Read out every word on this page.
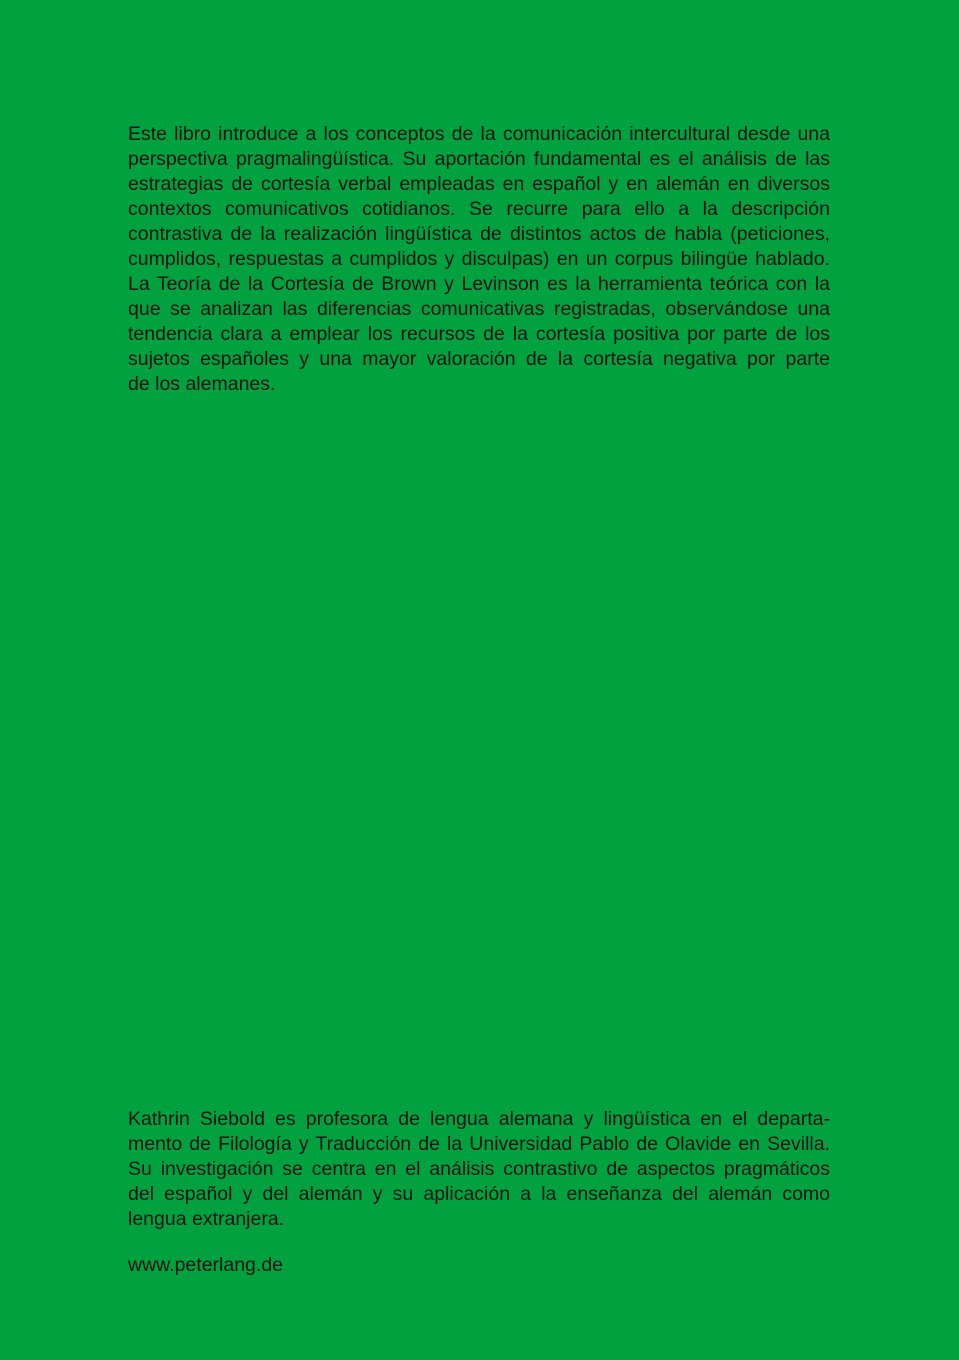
Este libro introduce a los conceptos de la comunicación intercultural desde una
perspectiva pragmalingüística. Su aportación fundamental es el análisis de las
estrategias de cortesía verbal empleadas en español y en alemán en diversos
contextos comunicativos cotidianos. Se recurre para ello a la descripción
contrastiva de la realización lingüística de distintos actos de habla (peticiones,
cumplidos, respuestas a cumplidos y disculpas) en un corpus bilingüe hablado.
La Teoría de la Cortesía de Brown y Levinson es la herramienta teórica con la
que se analizan las diferencias comunicativas registradas, observándose una
tendencia clara a emplear los recursos de la cortesía positiva por parte de los
sujetos españoles y una mayor valoración de la cortesía negativa por parte
de los alemanes.
Kathrin Siebold es profesora de lengua alemana y lingüística en el departa-
mento de Filología y Traducción de la Universidad Pablo de Olavide en Sevilla.
Su investigación se centra en el análisis contrastivo de aspectos pragmáticos
del español y del alemán y su aplicación a la enseñanza del alemán como
lengua extranjera.
www.peterlang.de
